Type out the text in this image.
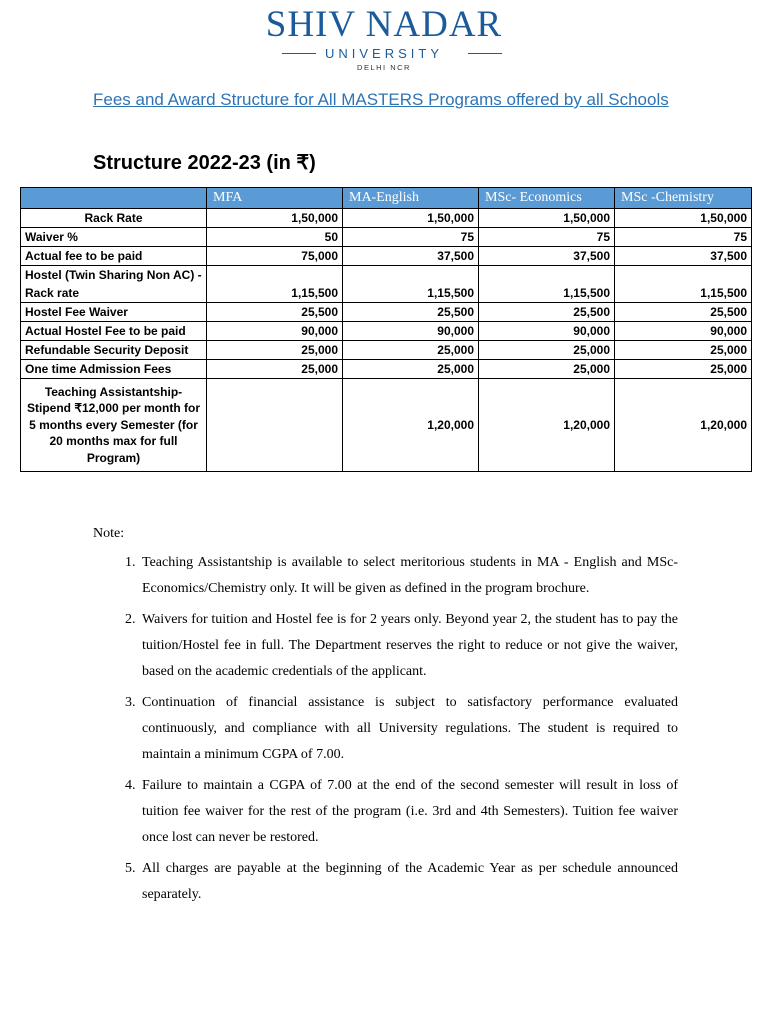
SHIV NADAR
UNIVERSITY
DELHI NCR
Fees and Award Structure for All MASTERS Programs offered by all Schools
Structure 2022-23 (in ₹)
	MFA	MA-English	MSc- Economics	MSc -Chemistry
Rack Rate	1,50,000	1,50,000	1,50,000	1,50,000
Waiver %	50	75	75	75
Actual fee to be paid	75,000	37,500	37,500	37,500
Hostel (Twin Sharing Non AC) -Rack rate	1,15,500	1,15,500	1,15,500	1,15,500
Hostel Fee Waiver	25,500	25,500	25,500	25,500
Actual Hostel Fee to be paid	90,000	90,000	90,000	90,000
Refundable Security Deposit	25,000	25,000	25,000	25,000
One time Admission Fees	25,000	25,000	25,000	25,000
Teaching Assistantship-Stipend ₹12,000 per month for 5 months every Semester (for 20 months max for full Program)		1,20,000	1,20,000	1,20,000
Note:
1. Teaching Assistantship is available to select meritorious students in MA - English and MSc-Economics/Chemistry only. It will be given as defined in the program brochure.
2. Waivers for tuition and Hostel fee is for 2 years only. Beyond year 2, the student has to pay the tuition/Hostel fee in full. The Department reserves the right to reduce or not give the waiver, based on the academic credentials of the applicant.
3. Continuation of financial assistance is subject to satisfactory performance evaluated continuously, and compliance with all University regulations. The student is required to maintain a minimum CGPA of 7.00.
4. Failure to maintain a CGPA of 7.00 at the end of the second semester will result in loss of tuition fee waiver for the rest of the program (i.e. 3rd and 4th Semesters). Tuition fee waiver once lost can never be restored.
5. All charges are payable at the beginning of the Academic Year as per schedule announced separately.
